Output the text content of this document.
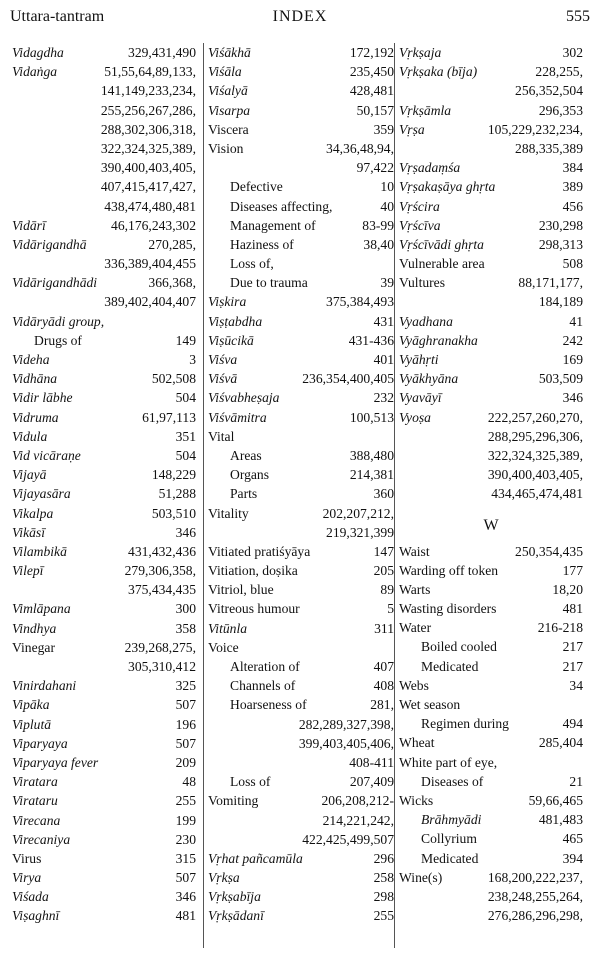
Uttara-tantram	INDEX	555
Vidagdha	329,431,490
Vidaṅga	51,55,64,89,133,
141,149,233,234,
255,256,267,286,
288,302,306,318,
322,324,325,389,
390,400,403,405,
407,415,417,427,
438,474,480,481
Vidārī	46,176,243,302
Vidārigandhā	270,285,
336,389,404,455
Vidārigandhādi	366,368,
389,402,404,407
Vidāryādi group,
Drugs of	149
Videha	3
Vidhāna	502,508
Vidir lābhe	504
Vidruma	61,97,113
Vidula	351
Vid vicāraṇe	504
Vijayā	148,229
Vijayasāra	51,288
Vikalpa	503,510
Vikāsī	346
Vilambikā	431,432,436
Vilepī	279,306,358,
375,434,435
Vimlāpana	300
Vindhya	358
Vinegar	239,268,275,
305,310,412
Vinirdahani	325
Vipāka	507
Viplutā	196
Viparyaya	507
Viparyaya fever	209
Viratara	48
Virataru	255
Virecana	199
Virecaniya	230
Virus	315
Virya	507
Viśada	346
Viṣaghnī	481
Viśākhā	172,192
Viśāla	235,450
Viśalyā	428,481
Visarpa	50,157
Viscera	359
Vision	34,36,48,94,
97,422
Defective	10
Diseases affecting,	40
Management of	83-99
Haziness of	38,40
Loss of,
Due to trauma	39
Viṣkira	375,384,493
Viṣṭabdha	431
Viṣūcikā	431-436
Viśva	401
Viśvā	236,354,400,405
Viśvabheṣaja	232
Viśvāmitra	100,513
Vital
Areas	388,480
Organs	214,381
Parts	360
Vitality	202,207,212,
219,321,399
Vitiated pratiśyāya	147
Vitiation, doṣika	205
Vitriol, blue	89
Vitreous humour	5
Vitūnla	311
Voice
Alteration of	407
Channels of	408
Hoarseness of	281,
282,289,327,398,
399,403,405,406,
408-411
Loss of	207,409
Vomiting	206,208,212-
214,221,242,
422,425,499,507
Vṛhat pañcamūla	296
Vṛkṣa	258
Vṛkṣabīja	298
Vṛkṣādanī	255
Vṛkṣaja	302
Vṛkṣaka (bīja)	228,255,
256,352,504
Vṛkṣāmla	296,353
Vṛṣa	105,229,232,234,
288,335,389
Vṛṣadaṃśa	384
Vṛṣakaṣāya ghṛta	389
Vṛścira	456
Vṛścīva	230,298
Vṛścīvādi ghṛta	298,313
Vulnerable area	508
Vultures	88,171,177,
184,189
Vyadhana	41
Vyāghranakha	242
Vyāhṛti	169
Vyākhyāna	503,509
Vyavāyī	346
Vyoṣa	222,257,260,270,
288,295,296,306,
322,324,325,389,
390,400,403,405,
434,465,474,481
W
Waist	250,354,435
Warding off token	177
Warts	18,20
Wasting disorders	481
Water	216-218
Boiled cooled	217
Medicated	217
Webs	34
Wet season
Regimen during	494
Wheat	285,404
White part of eye,
Diseases of	21
Wicks	59,66,465
Brāhmyādi	481,483
Collyrium	465
Medicated	394
Wine(s)	168,200,222,237,
238,248,255,264,
276,286,296,298,
